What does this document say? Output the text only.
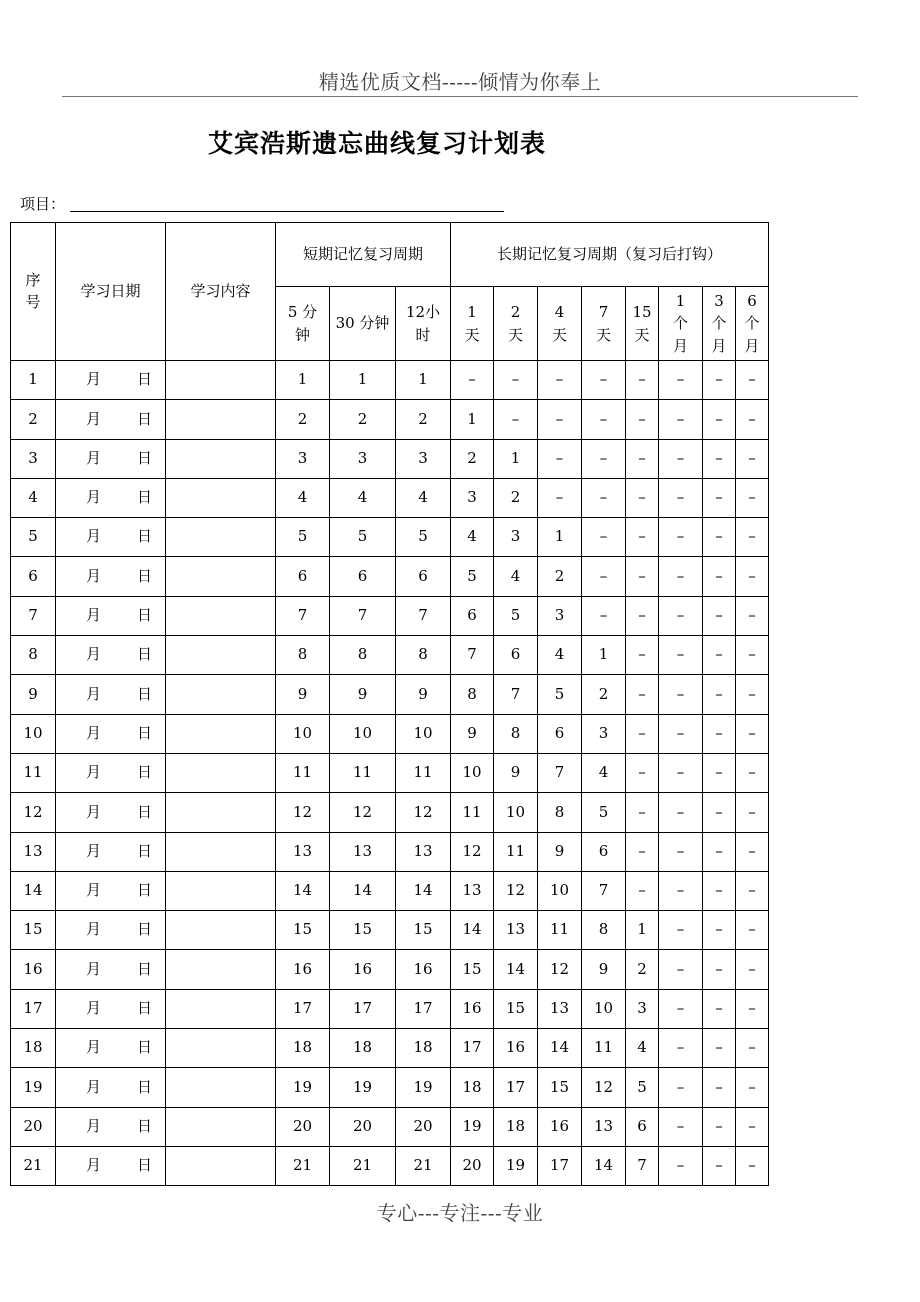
精选优质文档-----倾情为你奉上
艾宾浩斯遗忘曲线复习计划表
项目：
序号	学习日期	学习内容	短期记忆复习周期			长期记忆复习周期（复习后打钩）							

			5 分钟	30 分钟	12小时	1天	2天	4天	7天	15天	1个月	3个月	6个月

1	月 日		1	1	1	–	–	–	–	–	–	–	–
2	月 日		2	2	2	1	–	–	–	–	–	–	–
3	月 日		3	3	3	2	1	–	–	–	–	–	–
4	月 日		4	4	4	3	2	–	–	–	–	–	–
5	月 日		5	5	5	4	3	1	–	–	–	–	–
6	月 日		6	6	6	5	4	2	–	–	–	–	–
7	月 日		7	7	7	6	5	3	–	–	–	–	–
8	月 日		8	8	8	7	6	4	1	–	–	–	–
9	月 日		9	9	9	8	7	5	2	–	–	–	–
10	月 日		10	10	10	9	8	6	3	–	–	–	–
11	月 日		11	11	11	10	9	7	4	–	–	–	–
12	月 日		12	12	12	11	10	8	5	–	–	–	–
13	月 日		13	13	13	12	11	9	6	–	–	–	–
14	月 日		14	14	14	13	12	10	7	–	–	–	–
15	月 日		15	15	15	14	13	11	8	1	–	–	–
16	月 日		16	16	16	15	14	12	9	2	–	–	–
17	月 日		17	17	17	16	15	13	10	3	–	–	–
18	月 日		18	18	18	17	16	14	11	4	–	–	–
19	月 日		19	19	19	18	17	15	12	5	–	–	–
20	月 日		20	20	20	19	18	16	13	6	–	–	–
21	月 日		21	21	21	20	19	17	14	7	–	–	–
专心---专注---专业
